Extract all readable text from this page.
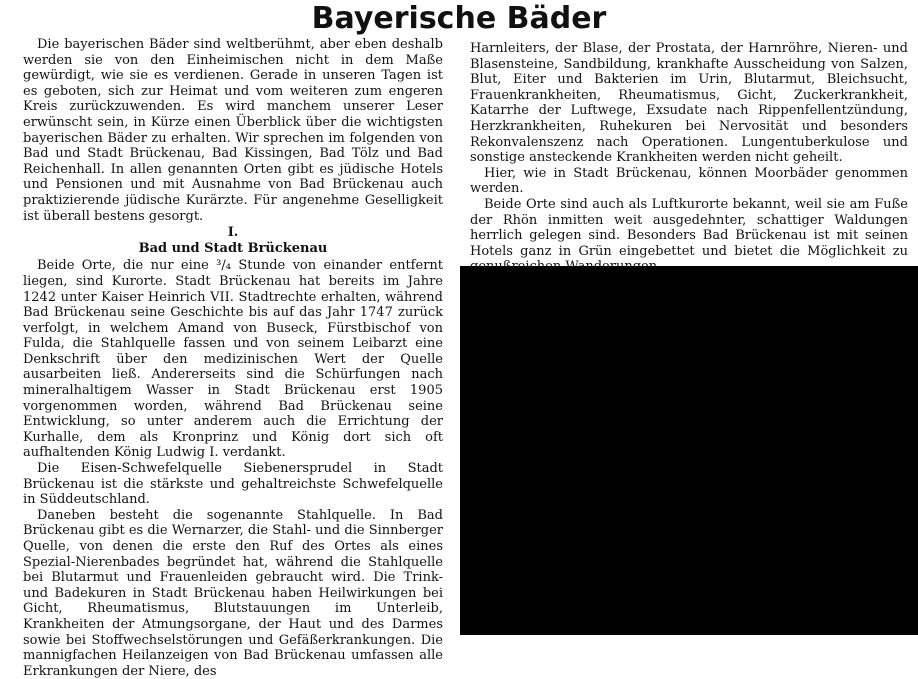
Bayerische Bäder

Die bayerischen Bäder sind weltberühmt, aber eben deshalb werden sie von den Einheimischen nicht in dem Maße gewürdigt, wie sie es verdienen. Gerade in unseren Tagen ist es geboten, sich zur Heimat und vom weiteren zum engeren Kreis zurückzuwenden. Es wird manchem unserer Leser erwünscht sein, in Kürze einen Überblick über die wichtigsten bayerischen Bäder zu erhalten. Wir sprechen im folgenden von Bad und Stadt Brückenau, Bad Kissingen, Bad Tölz und Bad Reichenhall. In allen genannten Orten gibt es jüdische Hotels und Pensionen und mit Ausnahme von Bad Brückenau auch praktizierende jüdische Kurärzte. Für angenehme Geselligkeit ist überall bestens gesorgt.

I.
Bad und Stadt Brückenau

Beide Orte, die nur eine ³/₄ Stunde von einander entfernt liegen, sind Kurorte. Stadt Brückenau hat bereits im Jahre 1242 unter Kaiser Heinrich VII. Stadtrechte erhalten, während Bad Brückenau seine Geschichte bis auf das Jahr 1747 zurück verfolgt, in welchem Amand von Buseck, Fürstbischof von Fulda, die Stahlquelle fassen und von seinem Leibarzt eine Denkschrift über den medizinischen Wert der Quelle ausarbeiten ließ. Andererseits sind die Schürfungen nach mineralhaltigem Wasser in Stadt Brückenau erst 1905 vorgenommen worden, während Bad Brückenau seine Entwicklung, so unter anderem auch die Errichtung der Kurhalle, dem als Kronprinz und König dort sich oft aufhaltenden König Ludwig I. verdankt.

Die Eisen-Schwefelquelle Siebenersprudel in Stadt Brückenau ist die stärkste und gehaltreichste Schwefelquelle in Süddeutschland.

Daneben besteht die sogenannte Stahlquelle. In Bad Brückenau gibt es die Wernarzer, die Stahl- und die Sinnberger Quelle, von denen die erste den Ruf des Ortes als eines Spezial-Nierenbades begründet hat, während die Stahlquelle bei Blutarmut und Frauenleiden gebraucht wird. Die Trink- und Badekuren in Stadt Brückenau haben Heilwirkungen bei Gicht, Rheumatismus, Blutstauungen im Unterleib, Krankheiten der Atmungsorgane, der Haut und des Darmes sowie bei Stoffwechselstörungen und Gefäßerkrankungen. Die mannigfachen Heilanzeigen von Bad Brückenau umfassen alle Erkrankungen der Niere, des

Harnleiters, der Blase, der Prostata, der Harnröhre, Nieren- und Blasensteine, Sandbildung, krankhafte Ausscheidung von Salzen, Blut, Eiter und Bakterien im Urin, Blutarmut, Bleichsucht, Frauenkrankheiten, Rheumatismus, Gicht, Zuckerkrankheit, Katarrhe der Luftwege, Exsudate nach Rippenfellentzündung, Herzkrankheiten, Ruhekuren bei Nervosität und besonders Rekonvalenszenz nach Operationen. Lungentuberkulose und sonstige ansteckende Krankheiten werden nicht geheilt.

Hier, wie in Stadt Brückenau, können Moorbäder genommen werden.

Beide Orte sind auch als Luftkurorte bekannt, weil sie am Fuße der Rhön inmitten weit ausgedehnter, schattiger Waldungen herrlich gelegen sind. Besonders Bad Brückenau ist mit seinen Hotels ganz in Grün eingebettet und bietet die Möglichkeit zu
